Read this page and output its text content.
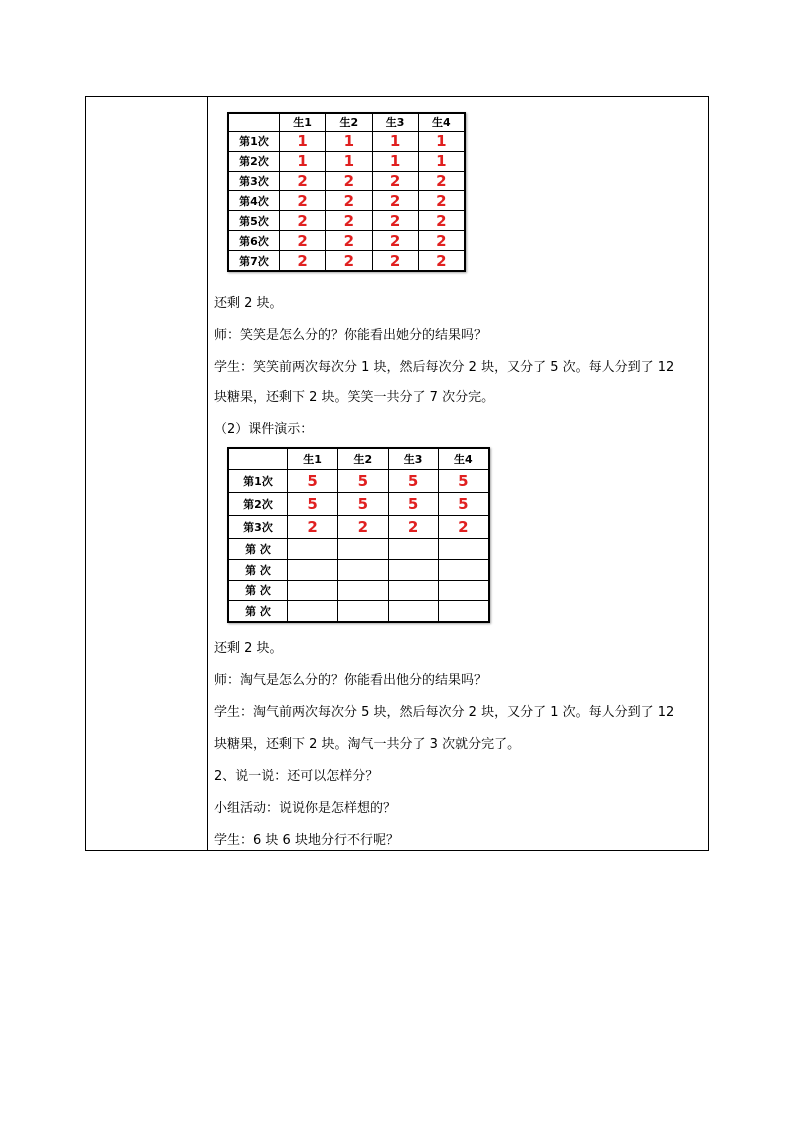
	生1	生2	生3	生4
第1次	1	1	1	1
第2次	1	1	1	1
第3次	2	2	2	2
第4次	2	2	2	2
第5次	2	2	2	2
第6次	2	2	2	2
第7次	2	2	2	2
还剩 2 块。
师：笑笑是怎么分的？你能看出她分的结果吗？
学生：笑笑前两次每次分 1 块，然后每次分 2 块，又分了 5 次。每人分到了 12
块糖果，还剩下 2 块。笑笑一共分了 7 次分完。
（2）课件演示：
	生1	生2	生3	生4
第1次	5	5	5	5
第2次	5	5	5	5
第3次	2	2	2	2
第 次				
第 次				
第 次				
第 次				
还剩 2 块。
师：淘气是怎么分的？你能看出他分的结果吗？
学生：淘气前两次每次分 5 块，然后每次分 2 块，又分了 1 次。每人分到了 12
块糖果，还剩下 2 块。淘气一共分了 3 次就分完了。
2、说一说：还可以怎样分？
小组活动：说说你是怎样想的？
学生：6 块 6 块地分行不行呢？
